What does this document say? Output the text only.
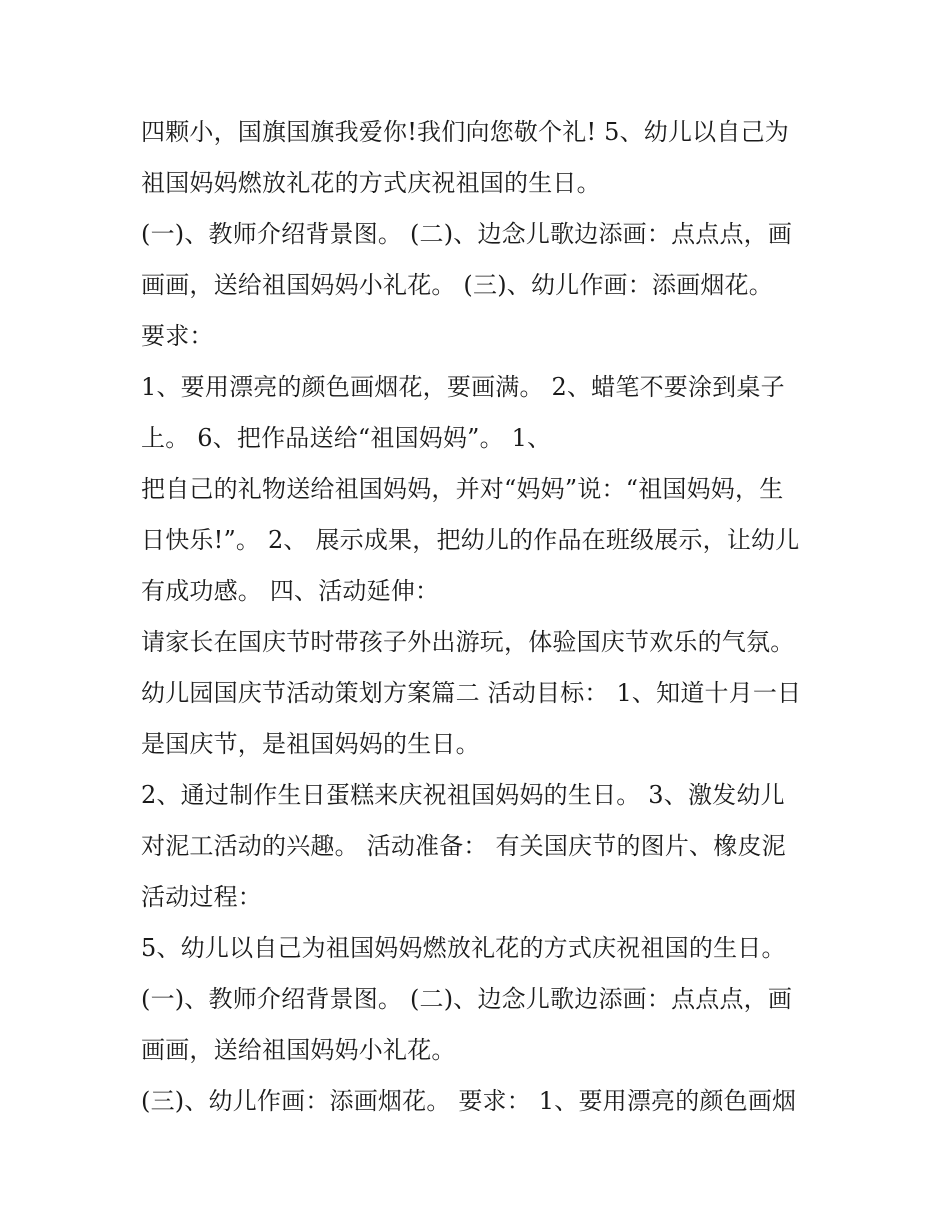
四颗小，国旗国旗我爱你!我们向您敬个礼! 5、幼儿以自己为
祖国妈妈燃放礼花的方式庆祝祖国的生日。
(一)、教师介绍背景图。 (二)、边念儿歌边添画：点点点，画
画画，送给祖国妈妈小礼花。 (三)、幼儿作画：添画烟花。
要求：
1、要用漂亮的颜色画烟花，要画满。 2、蜡笔不要涂到桌子
上。 6、把作品送给“祖国妈妈”。 1、
把自己的礼物送给祖国妈妈，并对“妈妈”说：“祖国妈妈，生
日快乐!”。 2、 展示成果，把幼儿的作品在班级展示，让幼儿
有成功感。 四、活动延伸：
请家长在国庆节时带孩子外出游玩，体验国庆节欢乐的气氛。
幼儿园国庆节活动策划方案篇二 活动目标： 1、知道十月一日
是国庆节，是祖国妈妈的生日。
2、通过制作生日蛋糕来庆祝祖国妈妈的生日。 3、激发幼儿
对泥工活动的兴趣。 活动准备： 有关国庆节的图片、橡皮泥
活动过程：
5、幼儿以自己为祖国妈妈燃放礼花的方式庆祝祖国的生日。
(一)、教师介绍背景图。 (二)、边念儿歌边添画：点点点，画
画画，送给祖国妈妈小礼花。
(三)、幼儿作画：添画烟花。 要求： 1、要用漂亮的颜色画烟
